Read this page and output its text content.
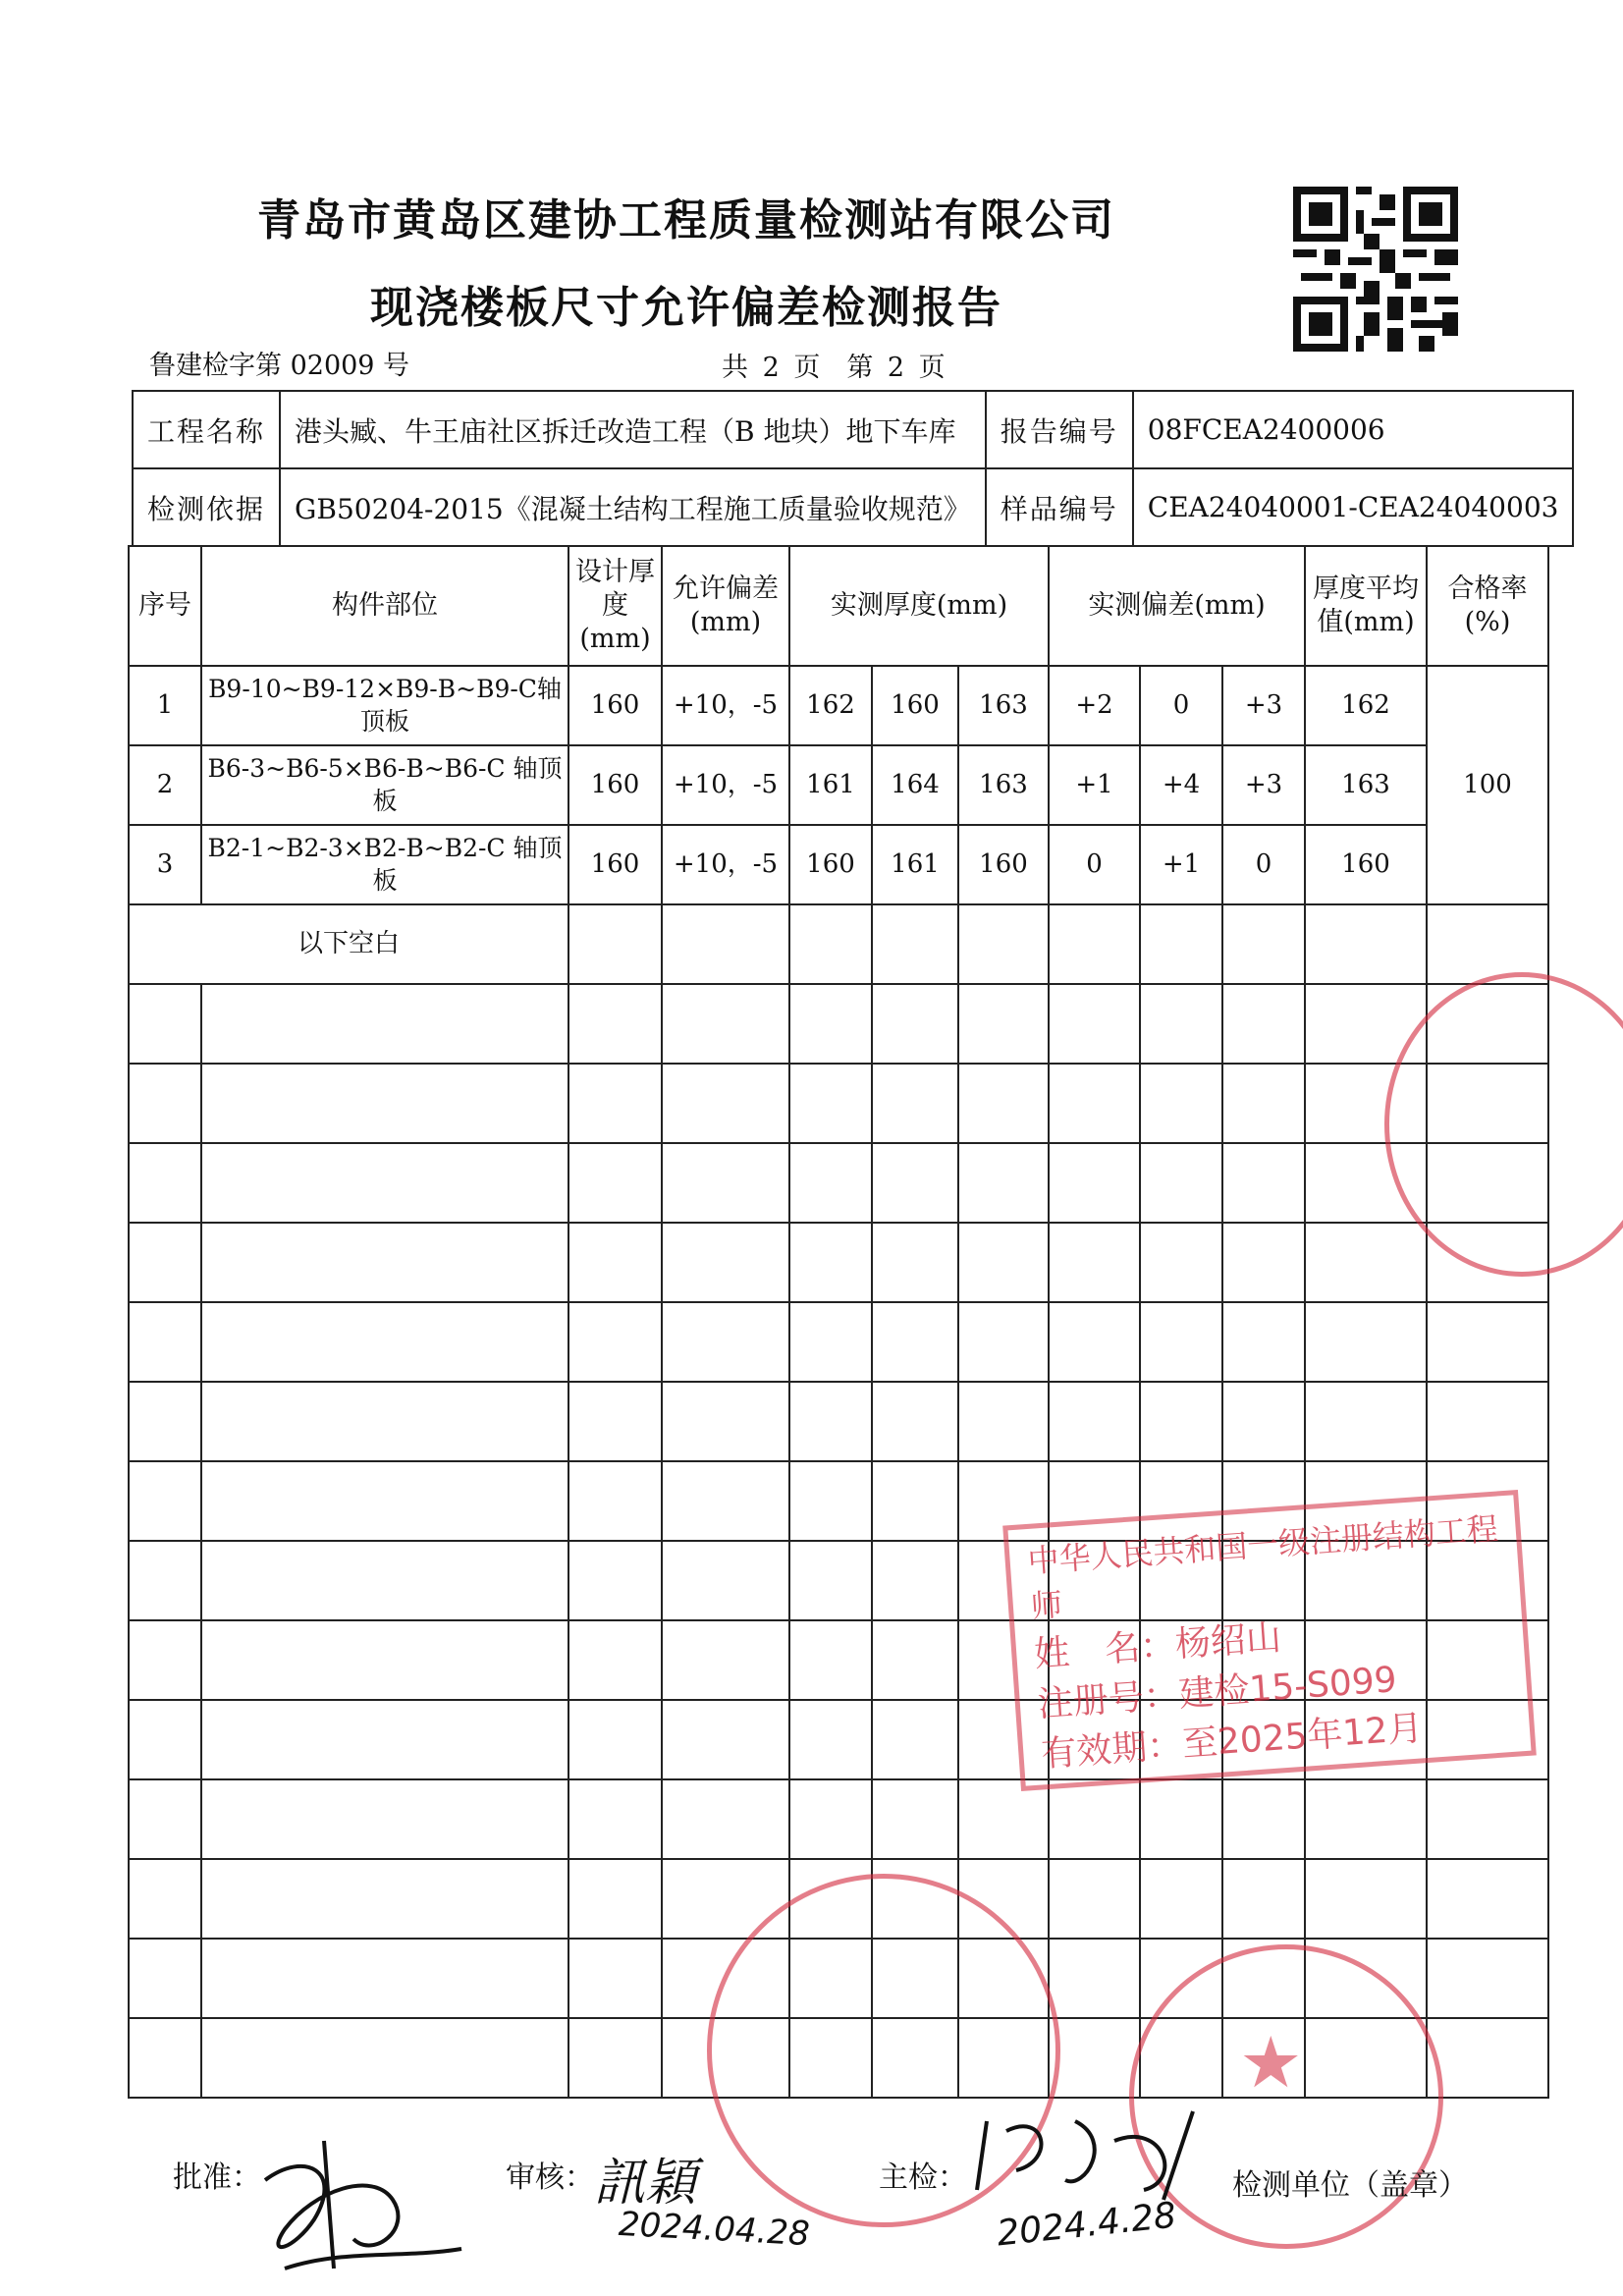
青岛市黄岛区建协工程质量检测站有限公司
现浇楼板尺寸允许偏差检测报告
鲁建检字第 02009 号	共 2 页　第 2 页
工程名称	港头臧、牛王庙社区拆迁改造工程（B 地块）地下车库	报告编号	08FCEA2400006
检测依据	GB50204-2015《混凝土结构工程施工质量验收规范》	样品编号	CEA24040001-CEA24040003
序号	构件部位	设计厚度(mm)	允许偏差(mm)	实测厚度(mm)			实测偏差(mm)			厚度平均值(mm)	合格率(%)
1	B9-10~B9-12×B9-B~B9-C轴顶板	160	+10，-5	162	160	163	+2	0	+3	162	100
2	B6-3~B6-5×B6-B~B6-C 轴顶板	160	+10，-5	161	164	163	+1	+4	+3	163	
3	B2-1~B2-3×B2-B~B2-C 轴顶板	160	+10，-5	160	161	160	0	+1	0	160	
以下空白											

★
中华人民共和国一级注册结构工程师
姓　名：杨绍山
注册号：建检15-S099
有效期：至2025年12月
批准：	审核： 訊穎
2024.04.28
主检：
2024.4.28
检测单位（盖章）
